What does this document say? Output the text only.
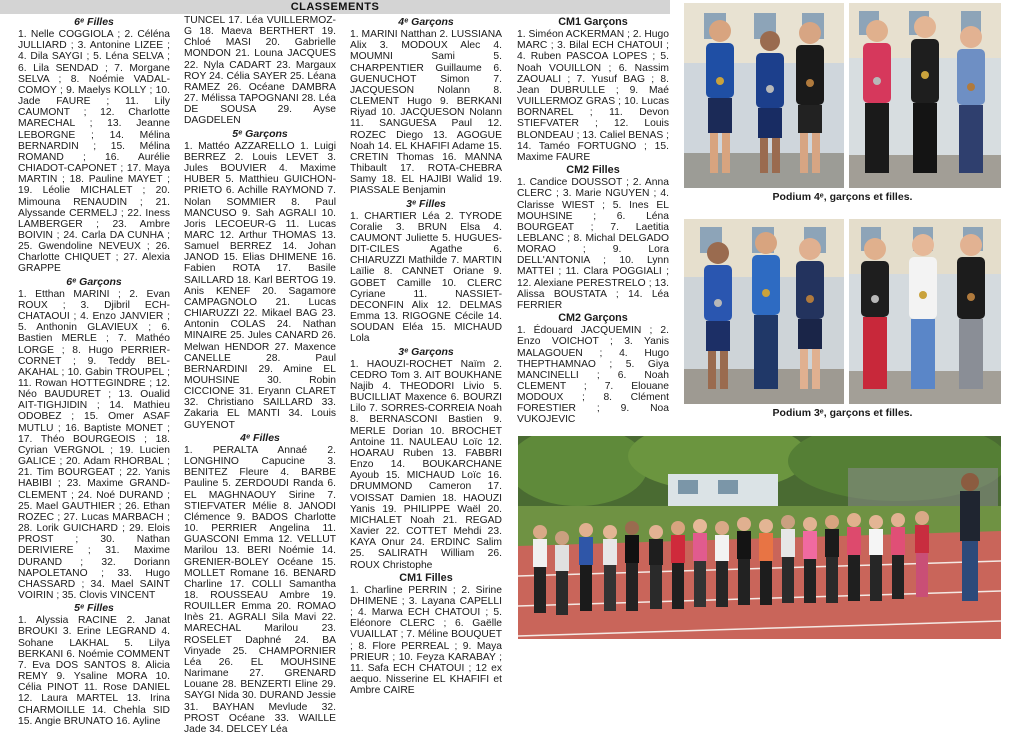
CLASSEMENTS
6ᵉ Filles
1. Nelle COGGIOLA ; 2. Céléna JULLIARD ; 3. Antonine LIZEE ; 4. Dila SAYGI ; 5. Léna SELVA ; 6. Lila SENDAD ; 7. Morgane SELVA ; 8. Noémie VADAL-COMOY ; 9. Maelys KOLLY ; 10. Jade FAURE ; 11. Lily CAUMONT ; 12. Charlotte MARECHAL ; 13. Jeanne LEBORGNE ; 14. Mélina BERNARDIN ; 15. Mélina ROMAND ; 16. Aurélie CHIADOT-CAPONET ; 17. Maya MARTIN ; 18. Pauline MAYET ; 19. Léolie MICHALET ; 20. Mimouna RENAUDIN ; 21. Alyssande CERMELJ ; 22. Iness LAMBERGER ; 23. Ambre BOIVIN ; 24. Carla DA CUNHA ; 25. Gwendoline NEVEUX ; 26. Charlotte CHIQUET ; 27. Alexia GRAPPE
6ᵉ Garçons
1. Etthan MARINI ; 2. Evan ROUX ; 3. Djibril ECH-CHATAOUI ; 4. Enzo JANVIER ; 5. Anthonin GLAVIEUX ; 6. Bastien MERLE ; 7. Mathéo LORGE ; 8. Hugo PERRIER-CORNET ; 9. Teddy BEL-AKAHAL ; 10. Gabin TROUPEL ; 11. Rowan HOTTEGINDRE ; 12. Néo BAUDURET ; 13. Oualid AIT-TIGHJIDIN ; 14. Mathieu ODOBEZ ; 15. Omer ASAF MUTLU ; 16. Baptiste MONET ; 17. Théo BOURGEOIS ; 18. Cyrian VERGNOL ; 19. Lucien GALICE ; 20. Adam RHORBAL ; 21. Tim BOURGEAT ; 22. Yanis HABIBI ; 23. Maxime GRAND-CLEMENT ; 24. Noé DURAND ; 25. Mael GAUTHIER ; 26. Ethan ROZEC ; 27. Lucas MARBACH ; 28. Lorik GUICHARD ; 29. Elois PROST ; 30. Nathan DERIVIERE ; 31. Maxime DURAND ; 32. Doriann NAPOLETANO ; 33. Hugo CHASSARD ; 34. Mael SAINT VOIRIN ; 35. Clovis VINCENT
5ᵉ Filles
1. Alyssia RACINE 2. Janat BROUKI 3. Erine LEGRAND 4. Sohane LAKHAL 5. Lilya BERKANI 6. Noémie COMMENT 7. Eva DOS SANTOS 8. Alicia REMY 9. Ysaline MORA 10. Célia PINOT 11. Rose DANIEL 12. Laura MARTEL 13. Irina CHARMOILLE 14. Chehla SID 15. Angie BRUNATO 16. Ayline
TUNCEL 17. Léa VUILLERMOZ-G 18. Maeva BERTHERT 19. Chloé MASI 20. Gabrielle MONDON 21. Louna JACQUES 22. Nyla CADART 23. Margaux ROY 24. Célia SAYER 25. Léana RAMEZ 26. Océane DAMBRA 27. Mélissa TAPOGNANI 28. Léa DE SOUSA 29. Ayse DAGDELEN
5ᵉ Garçons
1. Mattéo AZZARELLO 1. Luigi BERREZ 2. Louis LEVET 3. Jules BOUVIER 4. Maxime HUBER 5. Matthieu GUICHON-PRIETO 6. Achille RAYMOND 7. Nolan SOMMIER 8. Paul MANCUSO 9. Sah AGRALI 10. Joris LECOEUR-G 11. Lucas MARC 12. Arthur THOMAS 13. Samuel BERREZ 14. Johan JANOD 15. Elias DHIMENE 16. Fabien ROTA 17. Basile SAILLARD 18. Karl BERTOG 19. Anis KENEF 20. Sagamore CAMPAGNOLO 21. Lucas CHIARUZZI 22. Mikael BAG 23. Antonin COLAS 24. Nathan MINAIRE 25. Jules CANARD 26. Melwan HENDOR 27. Maxence CANELLE 28. Paul BERNARDINI 29. Amine EL MOUHSINE 30. Robin CICCIONE 31. Eryann CLARET 32. Christiano SAILLARD 33. Zakaria EL MANTI 34. Louis GUYENOT
4ᵉ Filles
1. PERALTA Annaé 2. LONGHINO Capucine 3. BENITEZ Fleure 4. BARBE Pauline 5. ZERDOUDI Randa 6. EL MAGHNAOUY Sirine 7. STIEFVATER Mélie 8. JANODI Clémence 9. BADOS Charlotte 10. PERRIER Angelina 11. GUASCONI Emma 12. VELLUT Marilou 13. BERI Noémie 14. GRENIER-BOLEY Océane 15. MOLLET Romane 16. BENARD Charline 17. COLLI Samantha 18. ROUSSEAU Ambre 19. ROUILLER Emma 20. ROMAO Inès 21. AGRALI Sila Mavi 22. MARECHAL Marilou 23. ROSELET Daphné 24. BA Vinyade 25. CHAMPORNIER Léa 26. EL MOUHSINE Narimane 27. GRENARD Louane 28. BENZERTI Eline 29. SAYGI Nida 30. DURAND Jessie 31. BAYHAN Mevlude 32. PROST Océane 33. WAILLE Jade 34. DELCEY Léa
4ᵉ Garçons
1. MARINI Natthan 2. LUSSIANA Alix 3. MODOUX Alec 4. MOUMNI Sami 5. CHARPENTIER Guillaume 6. GUENUCHOT Simon 7. JACQUESON Nolann 8. CLEMENT Hugo 9. BERKANI Riyad 10. JACQUESON Nolann 11. SANGUESA Paul 12. ROZEC Diego 13. AGOGUE Noah 14. EL KHAFIFI Adame 15. CRETIN Thomas 16. MANNA Thibault 17. ROTA-CHEBRA Samy 18. EL HAJIBI Walid 19. PIASSALE Benjamin
3ᵉ Filles
1. CHARTIER Léa 2. TYRODE Coralie 3. BRUN Elsa 4. CAUMONT Juliette 5. HUGUES-DIT-CILES Agathe 6. CHIARUZZI Mathilde 7. MARTIN Laïlie 8. CANNET Oriane 9. GOBET Camille 10. CLERC Cyriane 11. NASSIET-DECONFIN Alix 12. DELMAS Emma 13. RIGOGNE Cécile 14. SOUDAN Eléa 15. MICHAUD Lola
3ᵉ Garçons
1. HAOUZI-ROCHET Naïm 2. CEDRO Tom 3. AIT BOUKHANE Najib 4. THEODORI Livio 5. BUCILLIAT Maxence 6. BOURZI Lilo 7. SORRES-CORREIA Noah 8. BERNASCONI Bastien 9. MERLE Dorian 10. BROCHET Antoine 11. NAULEAU Loïc 12. HOARAU Ruben 13. FABBRI Enzo 14. BOUKARCHANE Ayoub 15. MICHAUD Loïc 16. DRUMMOND Cameron 17. VOISSAT Damien 18. HAOUZI Yanis 19. PHILIPPE Waël 20. MICHALET Noah 21. REGAD Xavier 22. COTTET Mehdi 23. KAYA Onur 24. ERDINC Salim 25. SALIRATH William 26. ROUX Christophe
CM1 Filles
1. Charline PERRIN ; 2. Sirine DHIMENE ; 3. Layana CAPELLI ; 4. Marwa ECH CHATOUI ; 5. Eléonore CLERC ; 6. Gaëlle VUAILLAT ; 7. Méline BOUQUET ; 8. Flore PERREAL ; 9. Maya PRIEUR ; 10. Feyza KARABAY ; 11. Safa ECH CHATOUI ; 12 ex aequo. Nisserine EL KHAFIFI et Ambre CAIRE
CM1 Garçons
1. Siméon ACKERMAN ; 2. Hugo MARC ; 3. Bilal ECH CHATOUI ; 4. Ruben PASCOA LOPES ; 5. Noah VOUILLON ; 6. Nassim ZAOUALI ; 7. Yusuf BAG ; 8. Jean DUBRULLE ; 9. Maé VUILLERMOZ GRAS ; 10. Lucas BORNAREL ; 11. Devon STIEFVATER ; 12. Louis BLONDEAU ; 13. Caliel BENAS ; 14. Taméo FORTUGNO ; 15. Maxime FAURE
CM2 Filles
1. Candice DOUSSOT ; 2. Anna CLERC ; 3. Marie NGUYEN ; 4. Clarisse WIEST ; 5. Ines EL MOUHSINE ; 6. Léna BOURGEAT ; 7. Laetitia LEBLANC ; 8. Michal DELGADO MORAO ; 9. Lora DELL'ANTONIA ; 10. Lynn MATTEI ; 11. Clara POGGIALI ; 12. Alexiane PERESTRELO ; 13. Alissa BOUSTATA ; 14. Léa FERRIER
CM2 Garçons
1. Édouard JACQUEMIN ; 2. Enzo VOICHOT ; 3. Yanis MALAGOUEN ; 4. Hugo THEPTHAMNAO ; 5. Giya MANCINELLI ; 6. Noah CLEMENT ; 7. Elouane MODOUX ; 8. Clément FORESTIER ; 9. Noa VUKOJEVIC
Podium 4ᵉ, garçons et filles.
Podium 3ᵉ, garçons et filles.
